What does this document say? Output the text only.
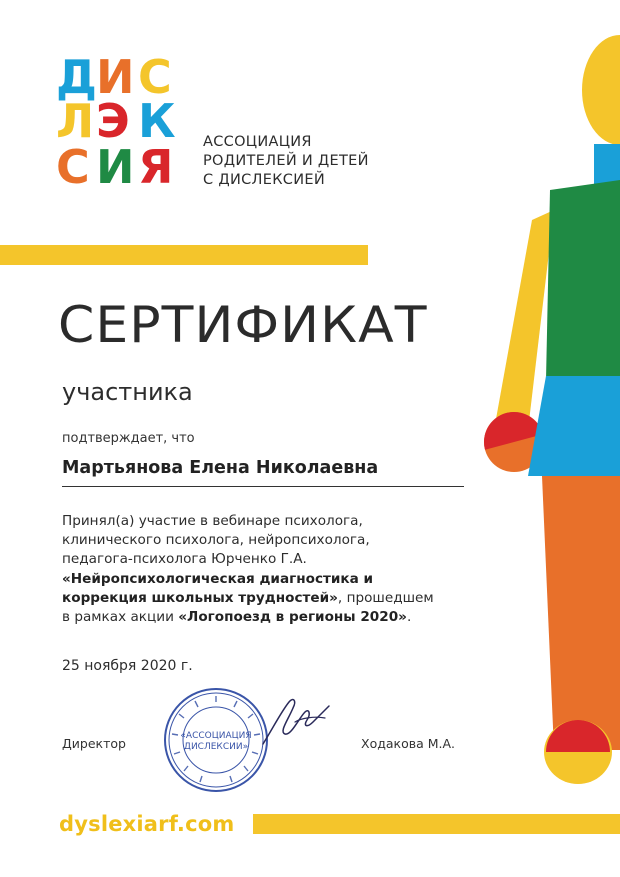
Д И С
Л Э К
С И Я АССОЦИАЦИЯ
РОДИТЕЛЕЙ И ДЕТЕЙ
С ДИСЛЕКСИЕЙ
СЕРТИФИКАТ
участника
подтверждает, что
Мартьянова Елена Николаевна
Принял(а) участие в вебинаре психолога,
клинического психолога, нейропсихолога,
педагога-психолога Юрченко Г.А.
«Нейропсихологическая диагностика и
коррекция школьных трудностей», прошедшем
в рамках акции «Логопоезд в регионы 2020».
25 ноября 2020 г.
Директор	Ходакова М.А.
«АССОЦИАЦИЯ
ДИСЛЕКСИИ»
dyslexiarf.com
